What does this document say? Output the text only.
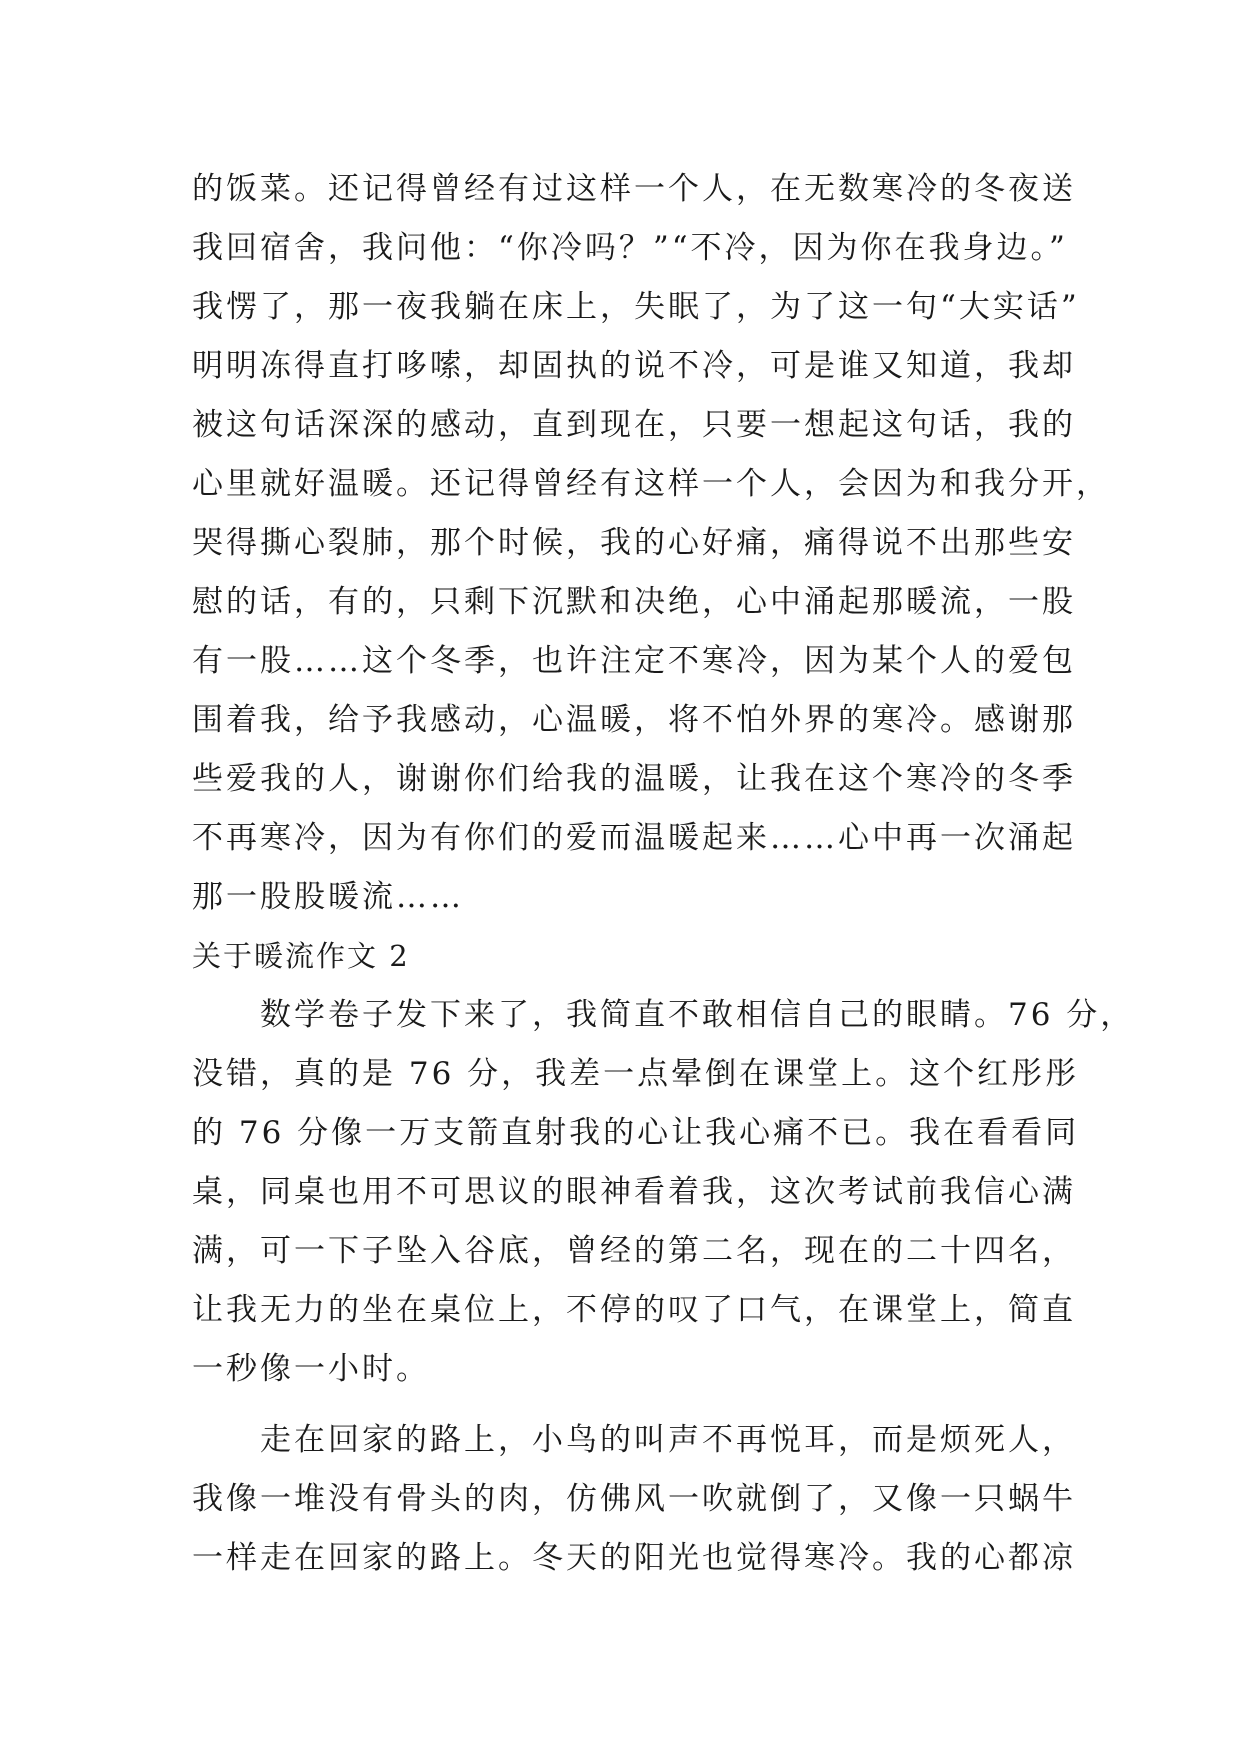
的饭菜。还记得曾经有过这样一个人，在无数寒冷的冬夜送
我回宿舍，我问他：“你冷吗？”“不冷，因为你在我身边。”
我愣了，那一夜我躺在床上，失眠了，为了这一句“大实话”
明明冻得直打哆嗦，却固执的说不冷，可是谁又知道，我却
被这句话深深的感动，直到现在，只要一想起这句话，我的
心里就好温暖。还记得曾经有这样一个人，会因为和我分开，
哭得撕心裂肺，那个时候，我的心好痛，痛得说不出那些安
慰的话，有的，只剩下沉默和决绝，心中涌起那暖流，一股
有一股……这个冬季，也许注定不寒冷，因为某个人的爱包
围着我，给予我感动，心温暖，将不怕外界的寒冷。感谢那
些爱我的人，谢谢你们给我的温暖，让我在这个寒冷的冬季
不再寒冷，因为有你们的爱而温暖起来……心中再一次涌起
那一股股暖流……
关于暖流作文 2
　　数学卷子发下来了，我简直不敢相信自己的眼睛。76 分，
没错，真的是 76 分，我差一点晕倒在课堂上。这个红彤彤
的 76 分像一万支箭直射我的心让我心痛不已。我在看看同
桌，同桌也用不可思议的眼神看着我，这次考试前我信心满
满，可一下子坠入谷底，曾经的第二名，现在的二十四名，
让我无力的坐在桌位上，不停的叹了口气，在课堂上，简直
一秒像一小时。
　　走在回家的路上，小鸟的叫声不再悦耳，而是烦死人，
我像一堆没有骨头的肉，仿佛风一吹就倒了，又像一只蜗牛
一样走在回家的路上。冬天的阳光也觉得寒冷。我的心都凉
